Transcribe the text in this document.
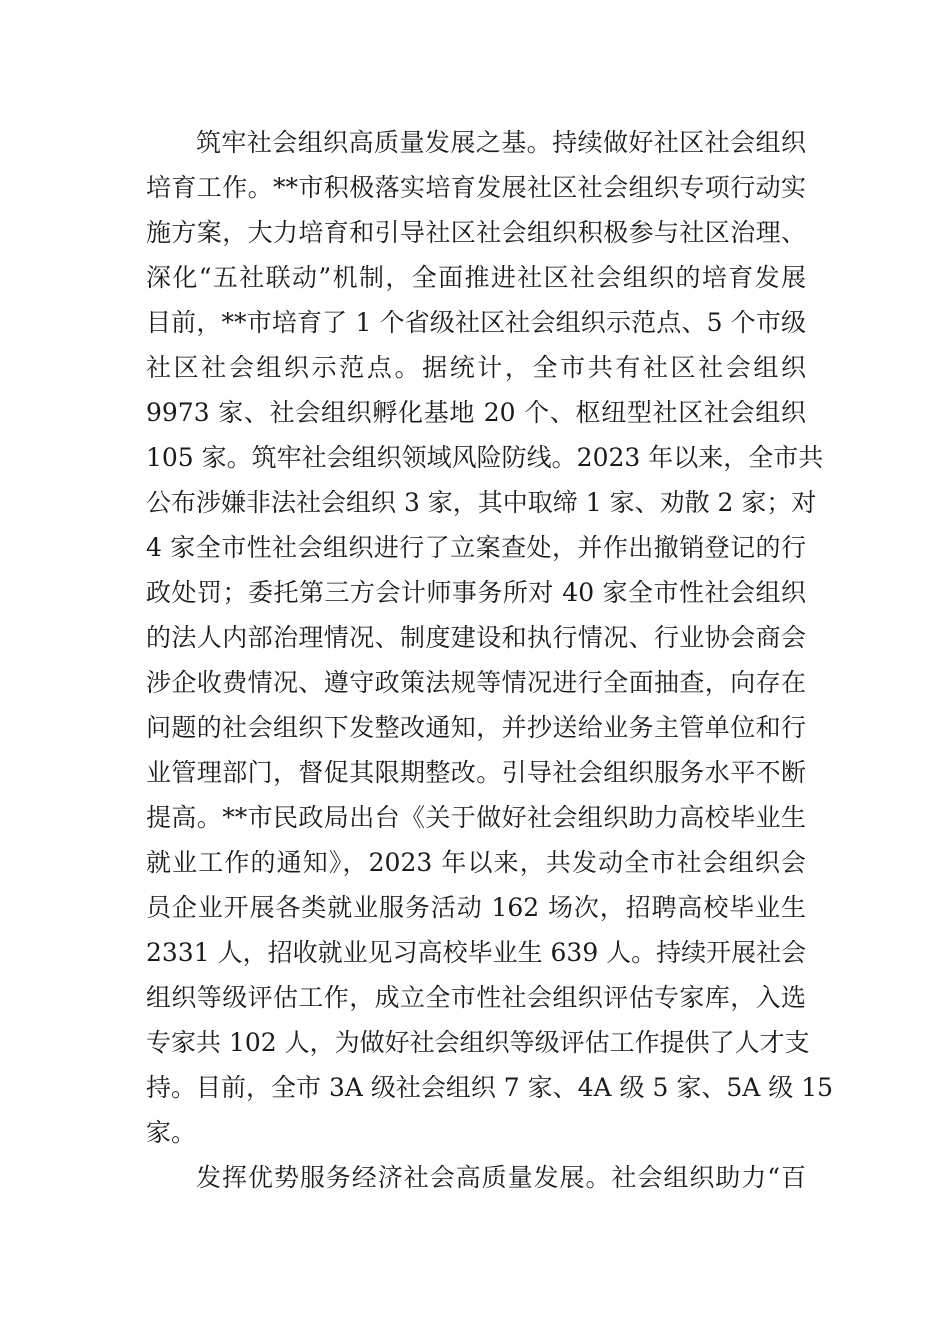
筑牢社会组织高质量发展之基。持续做好社区社会组织
培育工作。**市积极落实培育发展社区社会组织专项行动实
施方案，大力培育和引导社区社会组织积极参与社区治理、
深化“五社联动”机制，全面推进社区社会组织的培育发展
目前，**市培育了 1 个省级社区社会组织示范点、5 个市级
社区社会组织示范点。据统计，全市共有社区社会组织
9973 家、社会组织孵化基地 20 个、枢纽型社区社会组织
105 家。筑牢社会组织领域风险防线。2023 年以来，全市共
公布涉嫌非法社会组织 3 家，其中取缔 1 家、劝散 2 家；对
4 家全市性社会组织进行了立案查处，并作出撤销登记的行
政处罚；委托第三方会计师事务所对 40 家全市性社会组织
的法人内部治理情况、制度建设和执行情况、行业协会商会
涉企收费情况、遵守政策法规等情况进行全面抽查，向存在
问题的社会组织下发整改通知，并抄送给业务主管单位和行
业管理部门，督促其限期整改。引导社会组织服务水平不断
提高。**市民政局出台《关于做好社会组织助力高校毕业生
就业工作的通知》，2023 年以来，共发动全市社会组织会
员企业开展各类就业服务活动 162 场次，招聘高校毕业生
2331 人，招收就业见习高校毕业生 639 人。持续开展社会
组织等级评估工作，成立全市性社会组织评估专家库，入选
专家共 102 人，为做好社会组织等级评估工作提供了人才支
持。目前，全市 3A 级社会组织 7 家、4A 级 5 家、5A 级 15
家。
发挥优势服务经济社会高质量发展。社会组织助力“百
